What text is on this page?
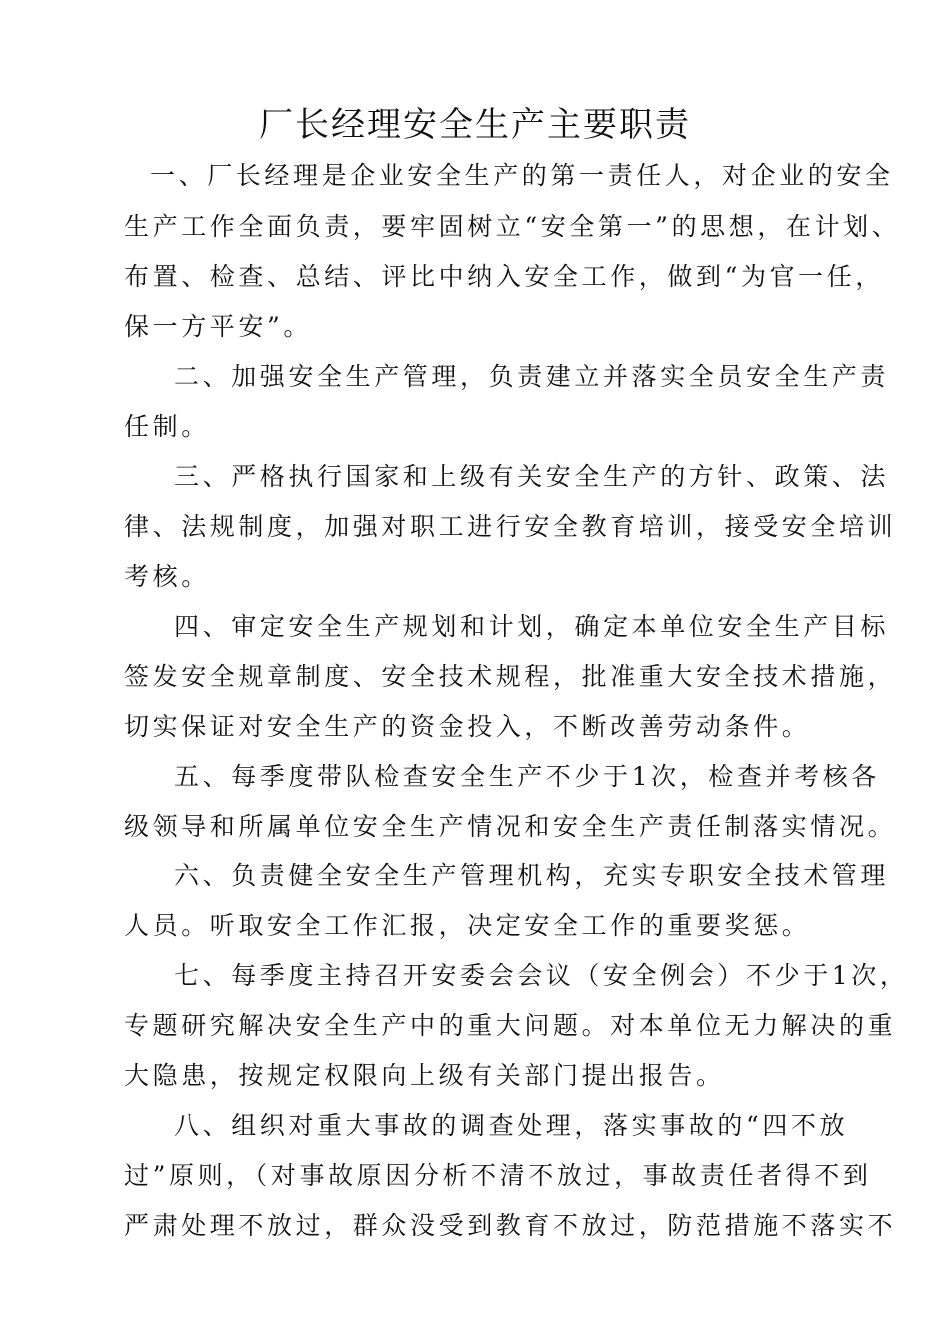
厂长经理安全生产主要职责
一、厂长经理是企业安全生产的第一责任人，对企业的安全
生产工作全面负责，要牢固树立“安全第一”的思想，在计划、
布置、检查、总结、评比中纳入安全工作，做到“为官一任，
保一方平安”。
二、加强安全生产管理，负责建立并落实全员安全生产责
任制。
三、严格执行国家和上级有关安全生产的方针、政策、法
律、法规制度，加强对职工进行安全教育培训，接受安全培训
考核。
四、审定安全生产规划和计划，确定本单位安全生产目标
签发安全规章制度、安全技术规程，批准重大安全技术措施，
切实保证对安全生产的资金投入，不断改善劳动条件。
五、每季度带队检查安全生产不少于1次，检查并考核各
级领导和所属单位安全生产情况和安全生产责任制落实情况。
六、负责健全安全生产管理机构，充实专职安全技术管理
人员。听取安全工作汇报，决定安全工作的重要奖惩。
七、每季度主持召开安委会会议（安全例会）不少于1次，
专题研究解决安全生产中的重大问题。对本单位无力解决的重
大隐患，按规定权限向上级有关部门提出报告。
八、组织对重大事故的调查处理，落实事故的“四不放
过”原则，（对事故原因分析不清不放过，事故责任者得不到
严肃处理不放过，群众没受到教育不放过，防范措施不落实不
